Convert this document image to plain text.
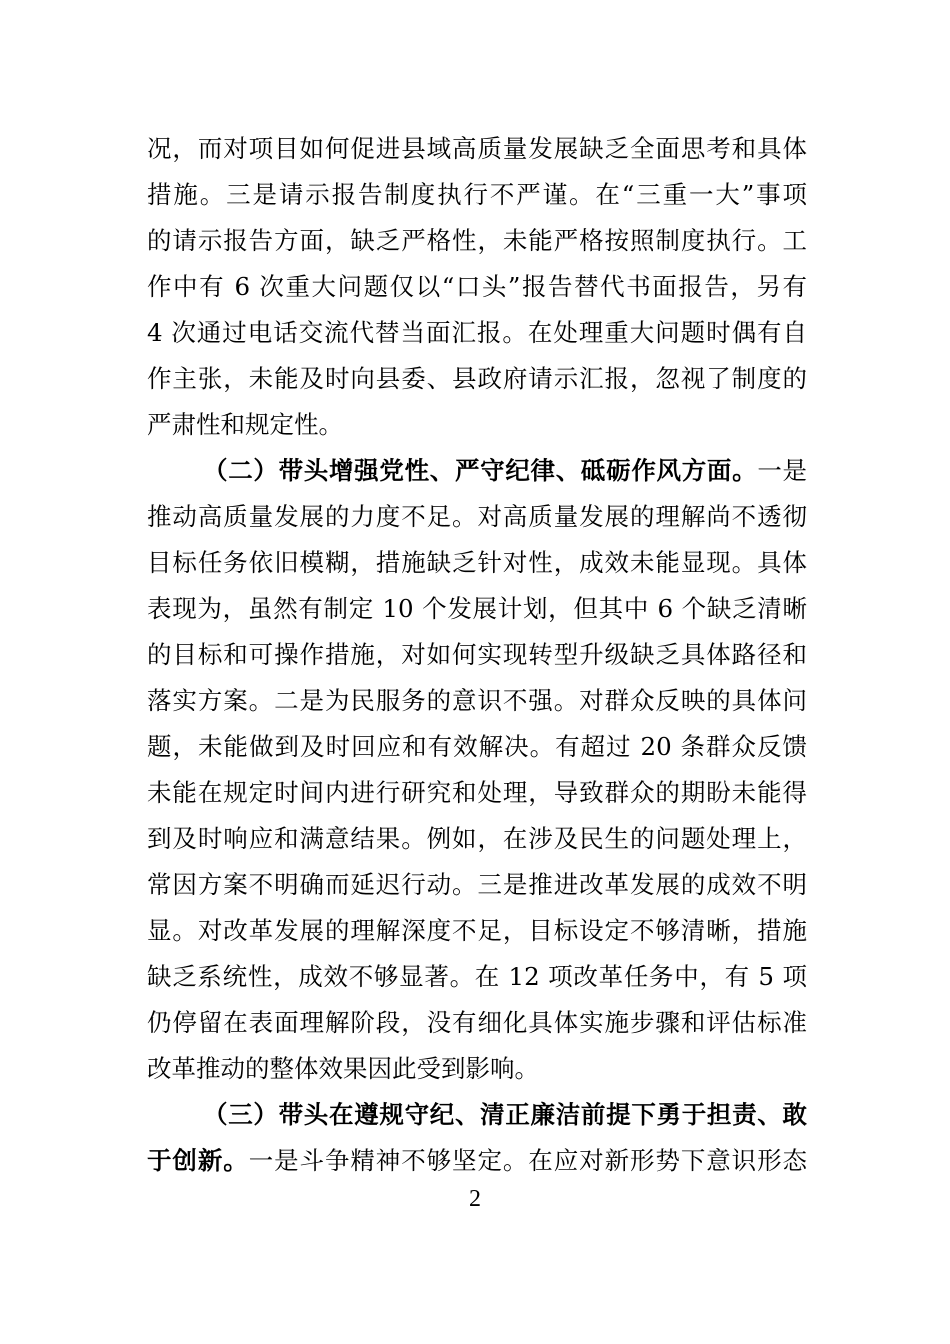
况，而对项目如何促进县域高质量发展缺乏全面思考和具体
措施。三是请示报告制度执行不严谨。在“三重一大”事项
的请示报告方面，缺乏严格性，未能严格按照制度执行。工
作中有 6 次重大问题仅以“口头”报告替代书面报告，另有
4 次通过电话交流代替当面汇报。在处理重大问题时偶有自
作主张，未能及时向县委、县政府请示汇报，忽视了制度的
严肃性和规定性。
（二）带头增强党性、严守纪律、砥砺作风方面。一是
推动高质量发展的力度不足。对高质量发展的理解尚不透彻
目标任务依旧模糊，措施缺乏针对性，成效未能显现。具体
表现为，虽然有制定 10 个发展计划，但其中 6 个缺乏清晰
的目标和可操作措施，对如何实现转型升级缺乏具体路径和
落实方案。二是为民服务的意识不强。对群众反映的具体问
题，未能做到及时回应和有效解决。有超过 20 条群众反馈
未能在规定时间内进行研究和处理，导致群众的期盼未能得
到及时响应和满意结果。例如，在涉及民生的问题处理上，
常因方案不明确而延迟行动。三是推进改革发展的成效不明
显。对改革发展的理解深度不足，目标设定不够清晰，措施
缺乏系统性，成效不够显著。在 12 项改革任务中，有 5 项
仍停留在表面理解阶段，没有细化具体实施步骤和评估标准
改革推动的整体效果因此受到影响。
（三）带头在遵规守纪、清正廉洁前提下勇于担责、敢
于创新。一是斗争精神不够坚定。在应对新形势下意识形态
2
